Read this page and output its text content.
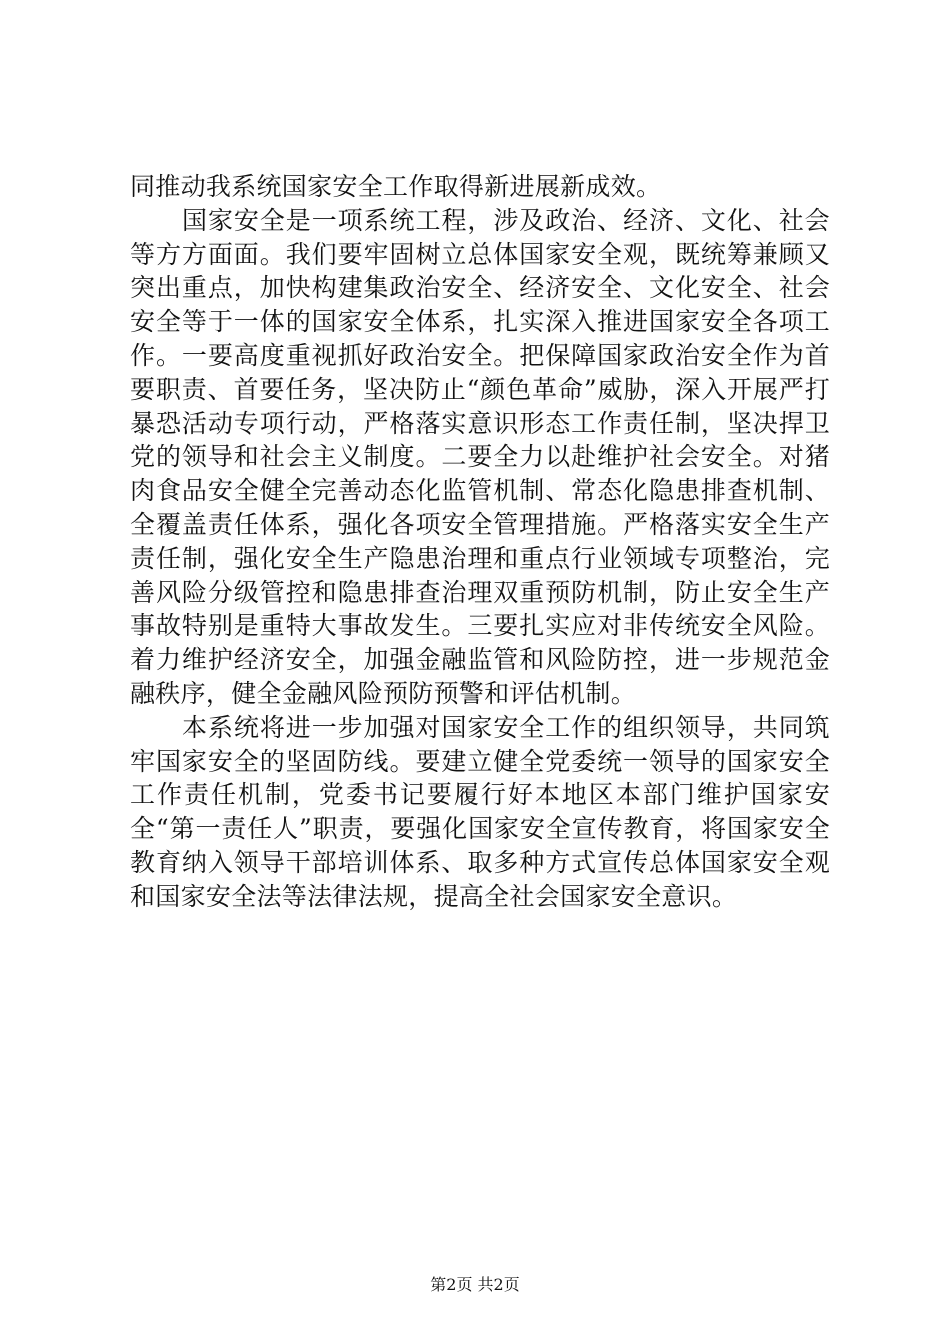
同推动我系统国家安全工作取得新进展新成效。

国家安全是一项系统工程，涉及政治、经济、文化、社会等方方面面。我们要牢固树立总体国家安全观，既统筹兼顾又突出重点，加快构建集政治安全、经济安全、文化安全、社会安全等于一体的国家安全体系，扎实深入推进国家安全各项工作。一要高度重视抓好政治安全。把保障国家政治安全作为首要职责、首要任务，坚决防止“颜色革命”威胁，深入开展严打暴恐活动专项行动，严格落实意识形态工作责任制，坚决捍卫党的领导和社会主义制度。二要全力以赴维护社会安全。对猪肉食品安全健全完善动态化监管机制、常态化隐患排查机制、全覆盖责任体系，强化各项安全管理措施。严格落实安全生产责任制，强化安全生产隐患治理和重点行业领域专项整治，完善风险分级管控和隐患排查治理双重预防机制，防止安全生产事故特别是重特大事故发生。三要扎实应对非传统安全风险。着力维护经济安全，加强金融监管和风险防控，进一步规范金融秩序，健全金融风险预防预警和评估机制。

本系统将进一步加强对国家安全工作的组织领导，共同筑牢国家安全的坚固防线。要建立健全党委统一领导的国家安全工作责任机制，党委书记要履行好本地区本部门维护国家安全“第一责任人”职责，要强化国家安全宣传教育，将国家安全教育纳入领导干部培训体系、取多种方式宣传总体国家安全观和国家安全法等法律法规，提高全社会国家安全意识。

第2页 共2页
